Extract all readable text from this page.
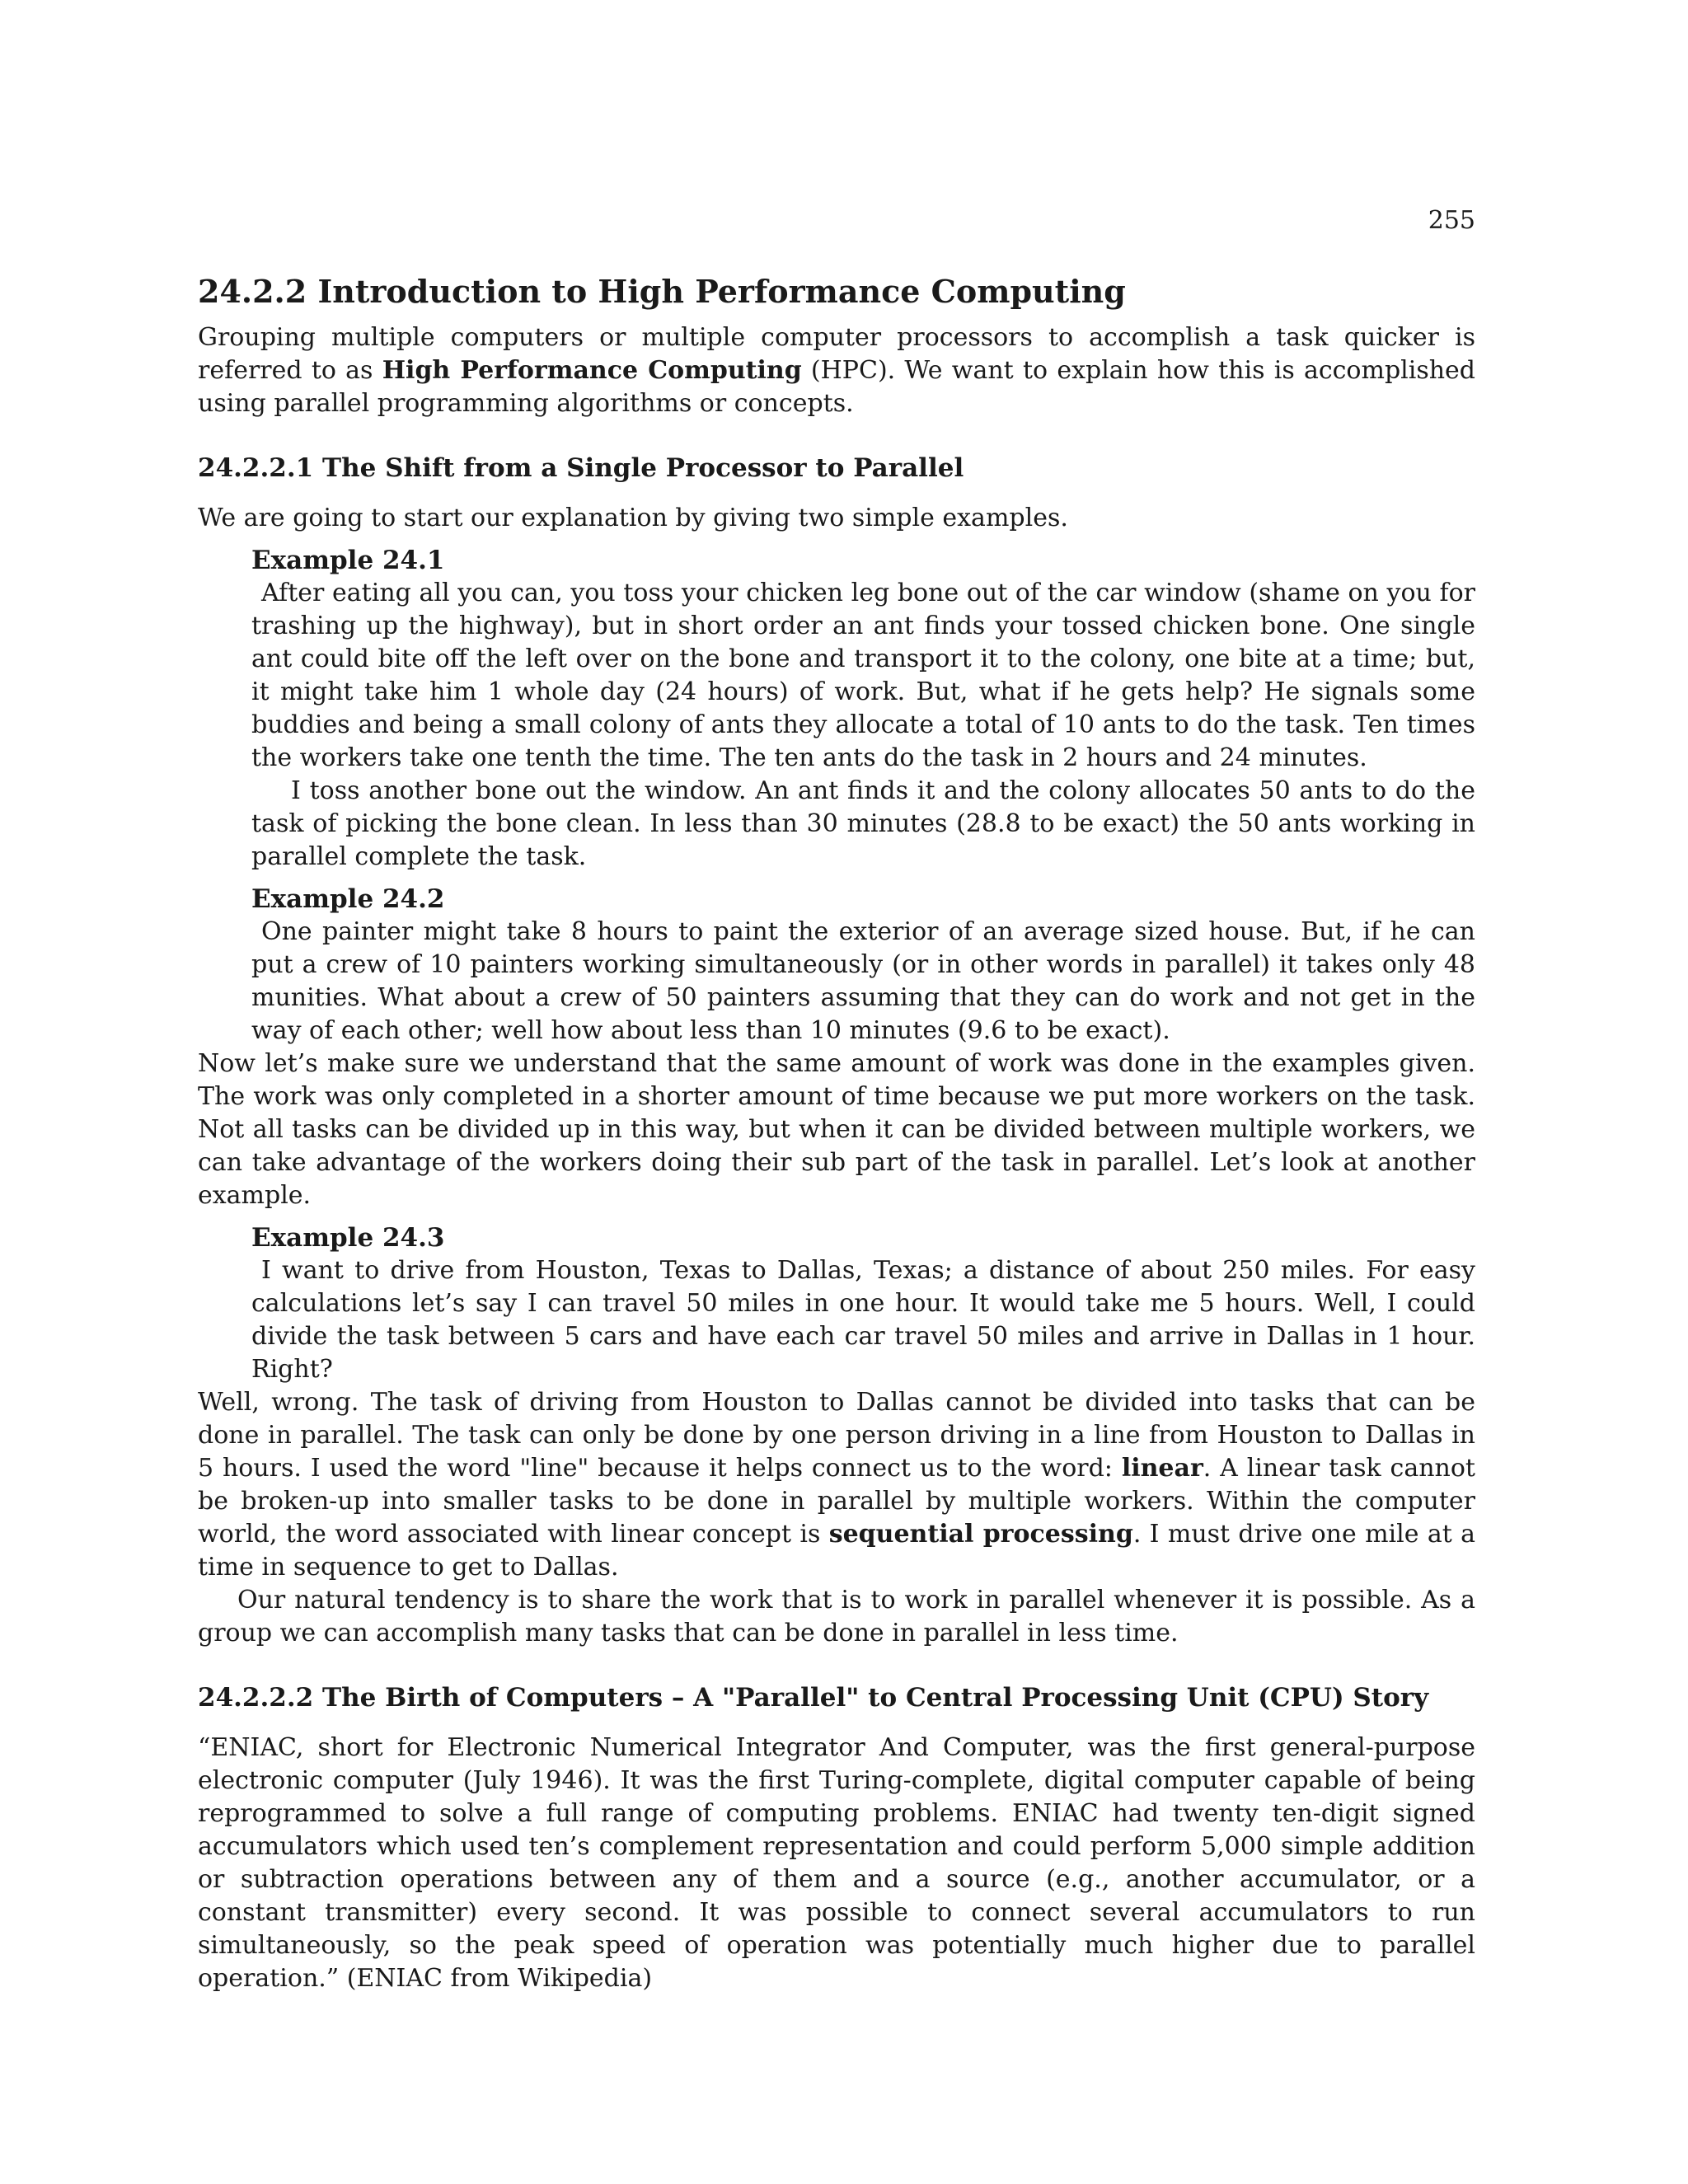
255
24.2.2 Introduction to High Performance Computing

Grouping multiple computers or multiple computer processors to accomplish a task quicker is referred to as High Performance Computing (HPC). We want to explain how this is accomplished using parallel programming algorithms or concepts.

24.2.2.1 The Shift from a Single Processor to Parallel

We are going to start our explanation by giving two simple examples.

Example 24.1

After eating all you can, you toss your chicken leg bone out of the car window (shame on you for trashing up the highway), but in short order an ant finds your tossed chicken bone. One single ant could bite off the left over on the bone and transport it to the colony, one bite at a time; but, it might take him 1 whole day (24 hours) of work. But, what if he gets help? He signals some buddies and being a small colony of ants they allocate a total of 10 ants to do the task. Ten times the workers take one tenth the time. The ten ants do the task in 2 hours and 24 minutes.

I toss another bone out the window. An ant finds it and the colony allocates 50 ants to do the task of picking the bone clean. In less than 30 minutes (28.8 to be exact) the 50 ants working in parallel complete the task.

Example 24.2

One painter might take 8 hours to paint the exterior of an average sized house. But, if he can put a crew of 10 painters working simultaneously (or in other words in parallel) it takes only 48 munities. What about a crew of 50 painters assuming that they can do work and not get in the way of each other; well how about less than 10 minutes (9.6 to be exact).

Now let’s make sure we understand that the same amount of work was done in the examples given. The work was only completed in a shorter amount of time because we put more workers on the task. Not all tasks can be divided up in this way, but when it can be divided between multiple workers, we can take advantage of the workers doing their sub part of the task in parallel. Let’s look at another example.

Example 24.3

I want to drive from Houston, Texas to Dallas, Texas; a distance of about 250 miles. For easy calculations let’s say I can travel 50 miles in one hour. It would take me 5 hours. Well, I could divide the task between 5 cars and have each car travel 50 miles and arrive in Dallas in 1 hour. Right?

Well, wrong. The task of driving from Houston to Dallas cannot be divided into tasks that can be done in parallel. The task can only be done by one person driving in a line from Houston to Dallas in 5 hours. I used the word "line" because it helps connect us to the word: linear. A linear task cannot be broken-up into smaller tasks to be done in parallel by multiple workers. Within the computer world, the word associated with linear concept is sequential processing. I must drive one mile at a time in sequence to get to Dallas.

Our natural tendency is to share the work that is to work in parallel whenever it is possible. As a group we can accomplish many tasks that can be done in parallel in less time.

24.2.2.2 The Birth of Computers – A "Parallel" to Central Processing Unit (CPU) Story

“ENIAC, short for Electronic Numerical Integrator And Computer, was the first general-purpose electronic computer (July 1946). It was the first Turing-complete, digital computer capable of being reprogrammed to solve a full range of computing problems. ENIAC had twenty ten-digit signed accumulators which used ten’s complement representation and could perform 5,000 simple addition or subtraction operations between any of them and a source (e.g., another accumulator, or a constant transmitter) every second. It was possible to connect several accumulators to run simultaneously, so the peak speed of operation was potentially much higher due to parallel operation.” (ENIAC from Wikipedia)
